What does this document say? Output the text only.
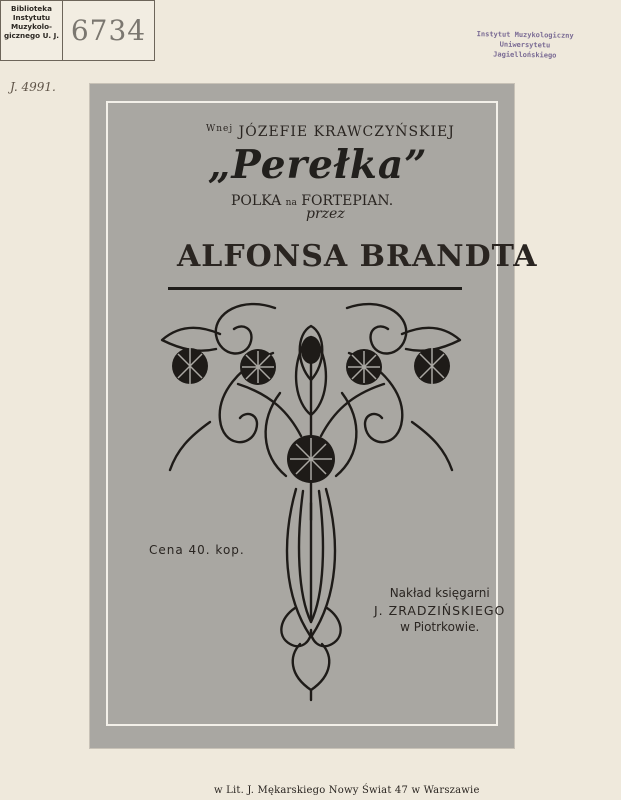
Biblioteka
Instytutu
Muzykolo-
gicznego U. J. 6734	Instytut Muzykologiczny
Uniwersytetu Jagiellońskiego
J. 4991.
$^{Wnej}$ JÓZEFIE KRAWCZYŃSKIEJ
„Perełka”
POLKA na FORTEPIAN.
przez
ALFONSA BRANDTA
Cena 40. kop.
Nakład księgarni
J. ZRADZIŃSKIEGO
w Piotrkowie.
w Lit. J. Mękarskiego Nowy Świat 47 w Warszawie
